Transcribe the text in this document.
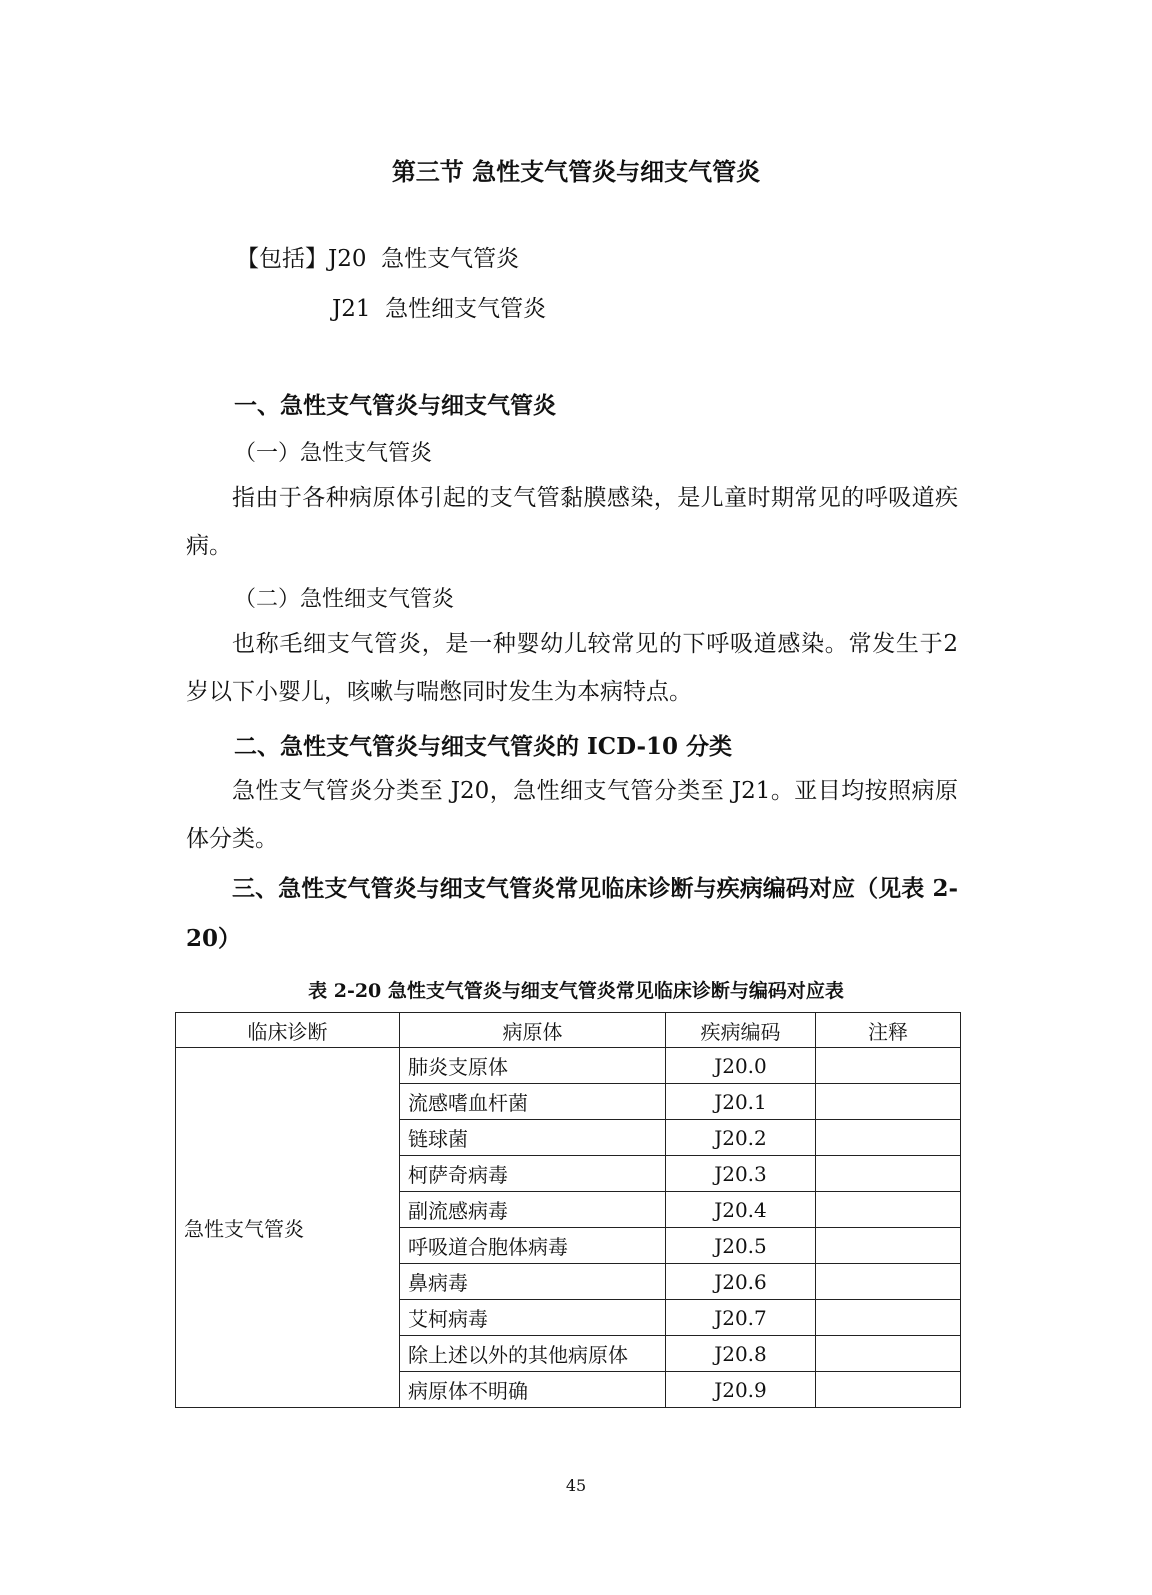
第三节 急性支气管炎与细支气管炎
【包括】J20 急性支气管炎
J21 急性细支气管炎
一、急性支气管炎与细支气管炎
（一）急性支气管炎
指由于各种病原体引起的支气管黏膜感染，是儿童时期常见的呼吸道疾病。
（二）急性细支气管炎
也称毛细支气管炎，是一种婴幼儿较常见的下呼吸道感染。常发生于2岁以下小婴儿，咳嗽与喘憋同时发生为本病特点。
二、急性支气管炎与细支气管炎的 ICD-10 分类
急性支气管炎分类至 J20，急性细支气管分类至 J21。亚目均按照病原体分类。
三、急性支气管炎与细支气管炎常见临床诊断与疾病编码对应（见表 2-20）
表 2-20 急性支气管炎与细支气管炎常见临床诊断与编码对应表
临床诊断	病原体	疾病编码	注释
急性支气管炎	肺炎支原体	J20.0	
	流感嗜血杆菌	J20.1	
	链球菌	J20.2	
	柯萨奇病毒	J20.3	
	副流感病毒	J20.4	
	呼吸道合胞体病毒	J20.5	
	鼻病毒	J20.6	
	艾柯病毒	J20.7	
	除上述以外的其他病原体	J20.8	
	病原体不明确	J20.9	
45
